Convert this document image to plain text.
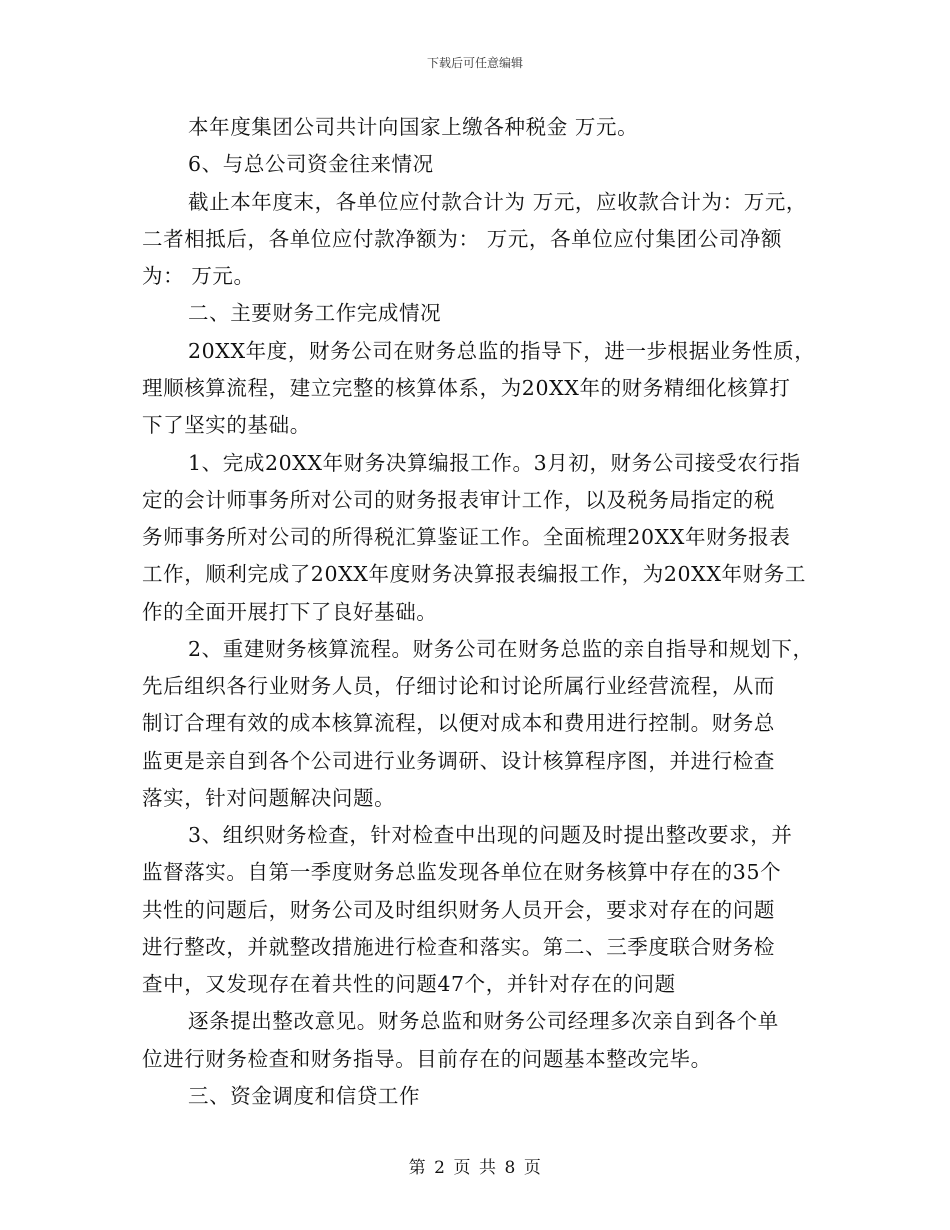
下载后可任意编辑
本年度集团公司共计向国家上缴各种税金 万元。
6、与总公司资金往来情况
截止本年度末，各单位应付款合计为 万元，应收款合计为：万元，
二者相抵后，各单位应付款净额为： 万元，各单位应付集团公司净额
为： 万元。
二、主要财务工作完成情况
20XX年度，财务公司在财务总监的指导下，进一步根据业务性质，
理顺核算流程，建立完整的核算体系，为20XX年的财务精细化核算打
下了坚实的基础。
1、完成20XX年财务决算编报工作。3月初，财务公司接受农行指
定的会计师事务所对公司的财务报表审计工作，以及税务局指定的税
务师事务所对公司的所得税汇算鉴证工作。全面梳理20XX年财务报表
工作，顺利完成了20XX年度财务决算报表编报工作，为20XX年财务工
作的全面开展打下了良好基础。
2、重建财务核算流程。财务公司在财务总监的亲自指导和规划下，
先后组织各行业财务人员，仔细讨论和讨论所属行业经营流程，从而
制订合理有效的成本核算流程，以便对成本和费用进行控制。财务总
监更是亲自到各个公司进行业务调研、设计核算程序图，并进行检查
落实，针对问题解决问题。
3、组织财务检查，针对检查中出现的问题及时提出整改要求，并
监督落实。自第一季度财务总监发现各单位在财务核算中存在的35个
共性的问题后，财务公司及时组织财务人员开会，要求对存在的问题
进行整改，并就整改措施进行检查和落实。第二、三季度联合财务检
查中，又发现存在着共性的问题47个，并针对存在的问题
逐条提出整改意见。财务总监和财务公司经理多次亲自到各个单
位进行财务检查和财务指导。目前存在的问题基本整改完毕。
三、资金调度和信贷工作
第 2 页 共 8 页
